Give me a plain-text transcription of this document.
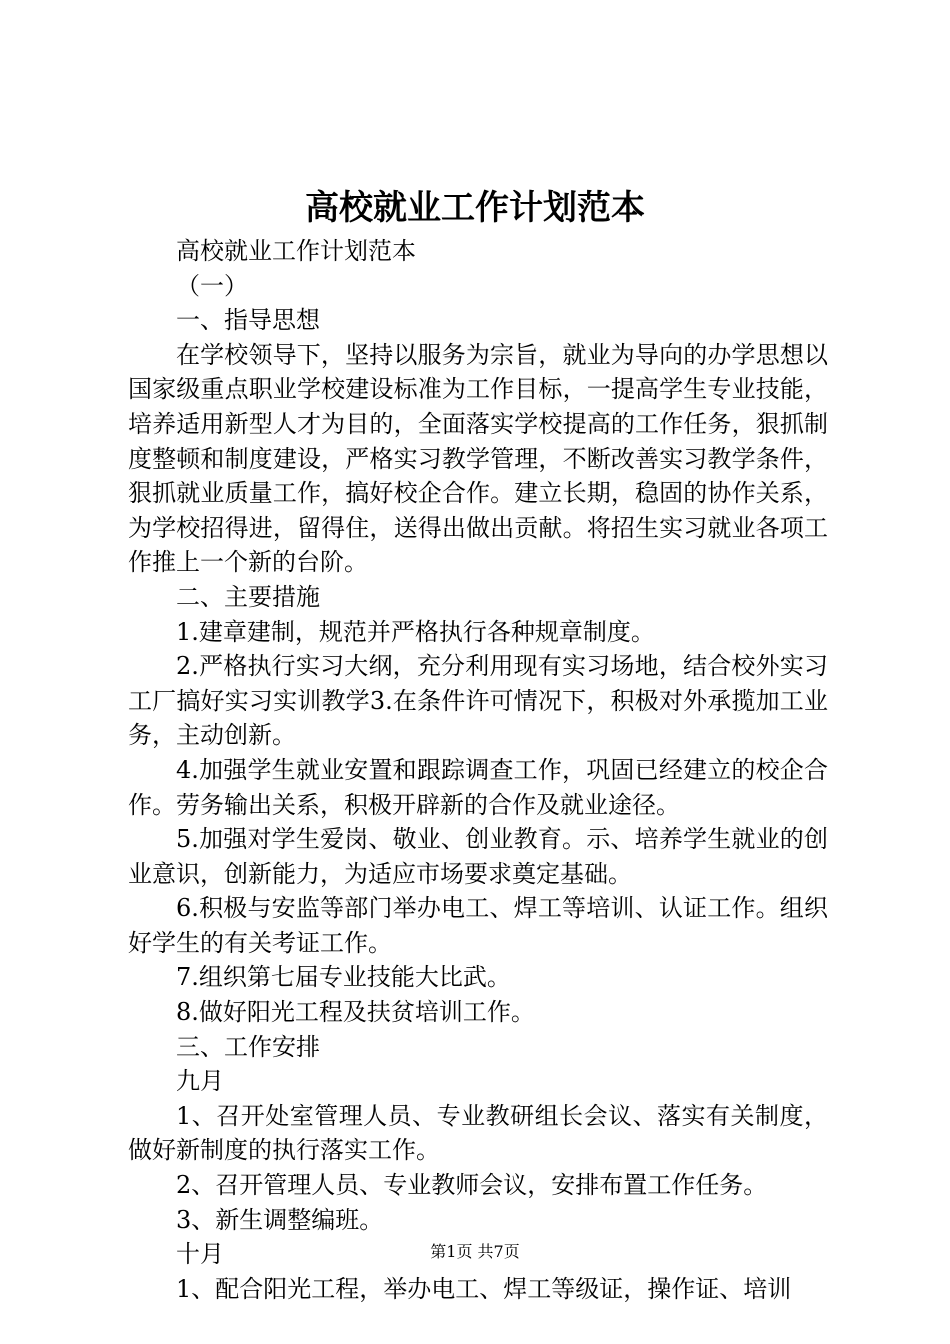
高校就业工作计划范本

高校就业工作计划范本

（一）

一、指导思想

在学校领导下，坚持以服务为宗旨，就业为导向的办学思想以国家级重点职业学校建设标准为工作目标，一提高学生专业技能，培养适用新型人才为目的，全面落实学校提高的工作任务，狠抓制度整顿和制度建设，严格实习教学管理，不断改善实习教学条件，狠抓就业质量工作，搞好校企合作。建立长期，稳固的协作关系，为学校招得进，留得住，送得出做出贡献。将招生实习就业各项工作推上一个新的台阶。

二、主要措施

1.建章建制，规范并严格执行各种规章制度。

2.严格执行实习大纲，充分利用现有实习场地，结合校外实习工厂搞好实习实训教学3.在条件许可情况下，积极对外承揽加工业务，主动创新。

4.加强学生就业安置和跟踪调查工作，巩固已经建立的校企合作。劳务输出关系，积极开辟新的合作及就业途径。

5.加强对学生爱岗、敬业、创业教育。示、培养学生就业的创业意识，创新能力，为适应市场要求奠定基础。

6.积极与安监等部门举办电工、焊工等培训、认证工作。组织好学生的有关考证工作。

7.组织第七届专业技能大比武。

8.做好阳光工程及扶贫培训工作。

三、工作安排

九月

1、召开处室管理人员、专业教研组长会议、落实有关制度，做好新制度的执行落实工作。

2、召开管理人员、专业教师会议，安排布置工作任务。

3、新生调整编班。

十月

1、配合阳光工程，举办电工、焊工等级证，操作证、培训

第1页 共7页
